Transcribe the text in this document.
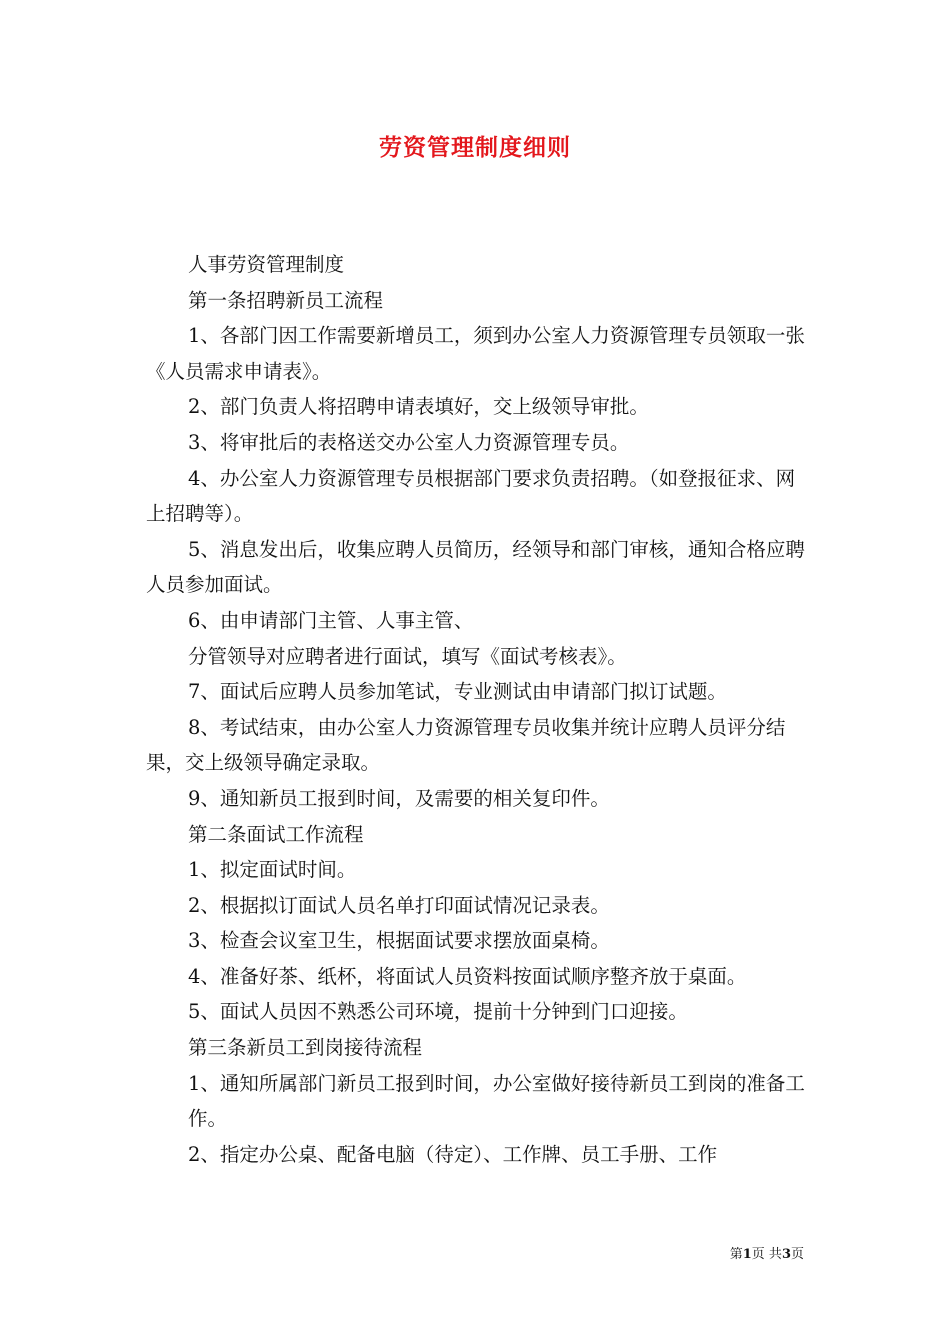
劳资管理制度细则

人事劳资管理制度

第一条招聘新员工流程

1、各部门因工作需要新增员工，须到办公室人力资源管理专员领取一张《人员需求申请表》。

2、部门负责人将招聘申请表填好，交上级领导审批。

3、将审批后的表格送交办公室人力资源管理专员。

4、办公室人力资源管理专员根据部门要求负责招聘。（如登报征求、网上招聘等）。

5、消息发出后，收集应聘人员简历，经领导和部门审核，通知合格应聘人员参加面试。

6、由申请部门主管、人事主管、

分管领导对应聘者进行面试，填写《面试考核表》。

7、面试后应聘人员参加笔试，专业测试由申请部门拟订试题。

8、考试结束，由办公室人力资源管理专员收集并统计应聘人员评分结果，交上级领导确定录取。

9、通知新员工报到时间，及需要的相关复印件。

第二条面试工作流程

1、拟定面试时间。

2、根据拟订面试人员名单打印面试情况记录表。

3、检查会议室卫生，根据面试要求摆放面桌椅。

4、准备好茶、纸杯，将面试人员资料按面试顺序整齐放于桌面。

5、面试人员因不熟悉公司环境，提前十分钟到门口迎接。

第三条新员工到岗接待流程

1、通知所属部门新员工报到时间，办公室做好接待新员工到岗的准备工

作。

2、指定办公桌、配备电脑（待定）、工作牌、员工手册、工作

第1页 共3页
